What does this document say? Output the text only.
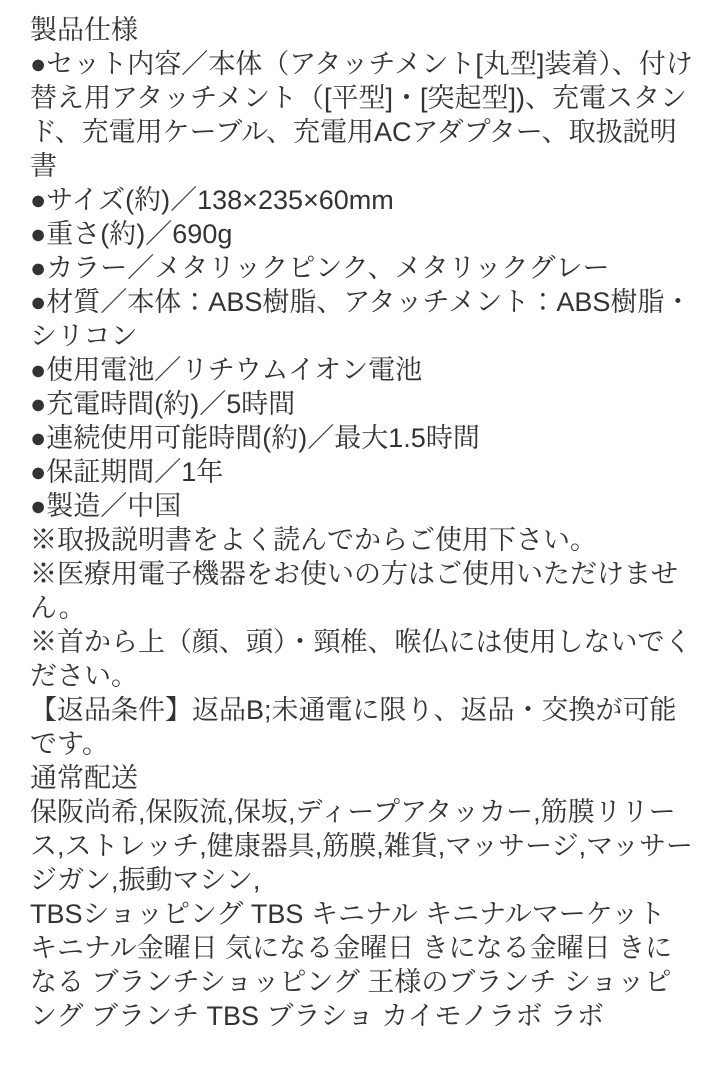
製品仕様
●セット内容／本体（アタッチメント[丸型]装着）、付け替え用アタッチメント（[平型]・[突起型])、充電スタンド、充電用ケーブル、充電用ACアダプター、取扱説明書
●サイズ(約)／138×235×60mm
●重さ(約)／690g
●カラー／メタリックピンク、メタリックグレー
●材質／本体：ABS樹脂、アタッチメント：ABS樹脂・シリコン
●使用電池／リチウムイオン電池
●充電時間(約)／5時間
●連続使用可能時間(約)／最大1.5時間
●保証期間／1年
●製造／中国
※取扱説明書をよく読んでからご使用下さい。
※医療用電子機器をお使いの方はご使用いただけません。
※首から上（顔、頭）・頸椎、喉仏には使用しないでください。
【返品条件】返品B;未通電に限り、返品・交換が可能です。
通常配送
保阪尚希,保阪流,保坂,ディープアタッカー,筋膜リリース,ストレッチ,健康器具,筋膜,雑貨,マッサージ,マッサージガン,振動マシン,
TBSショッピング TBS キニナル キニナルマーケット キニナル金曜日 気になる金曜日 きになる金曜日 きになる ブランチショッピング 王様のブランチ ショッピング ブランチ TBS ブラショ カイモノラボ ラボ
